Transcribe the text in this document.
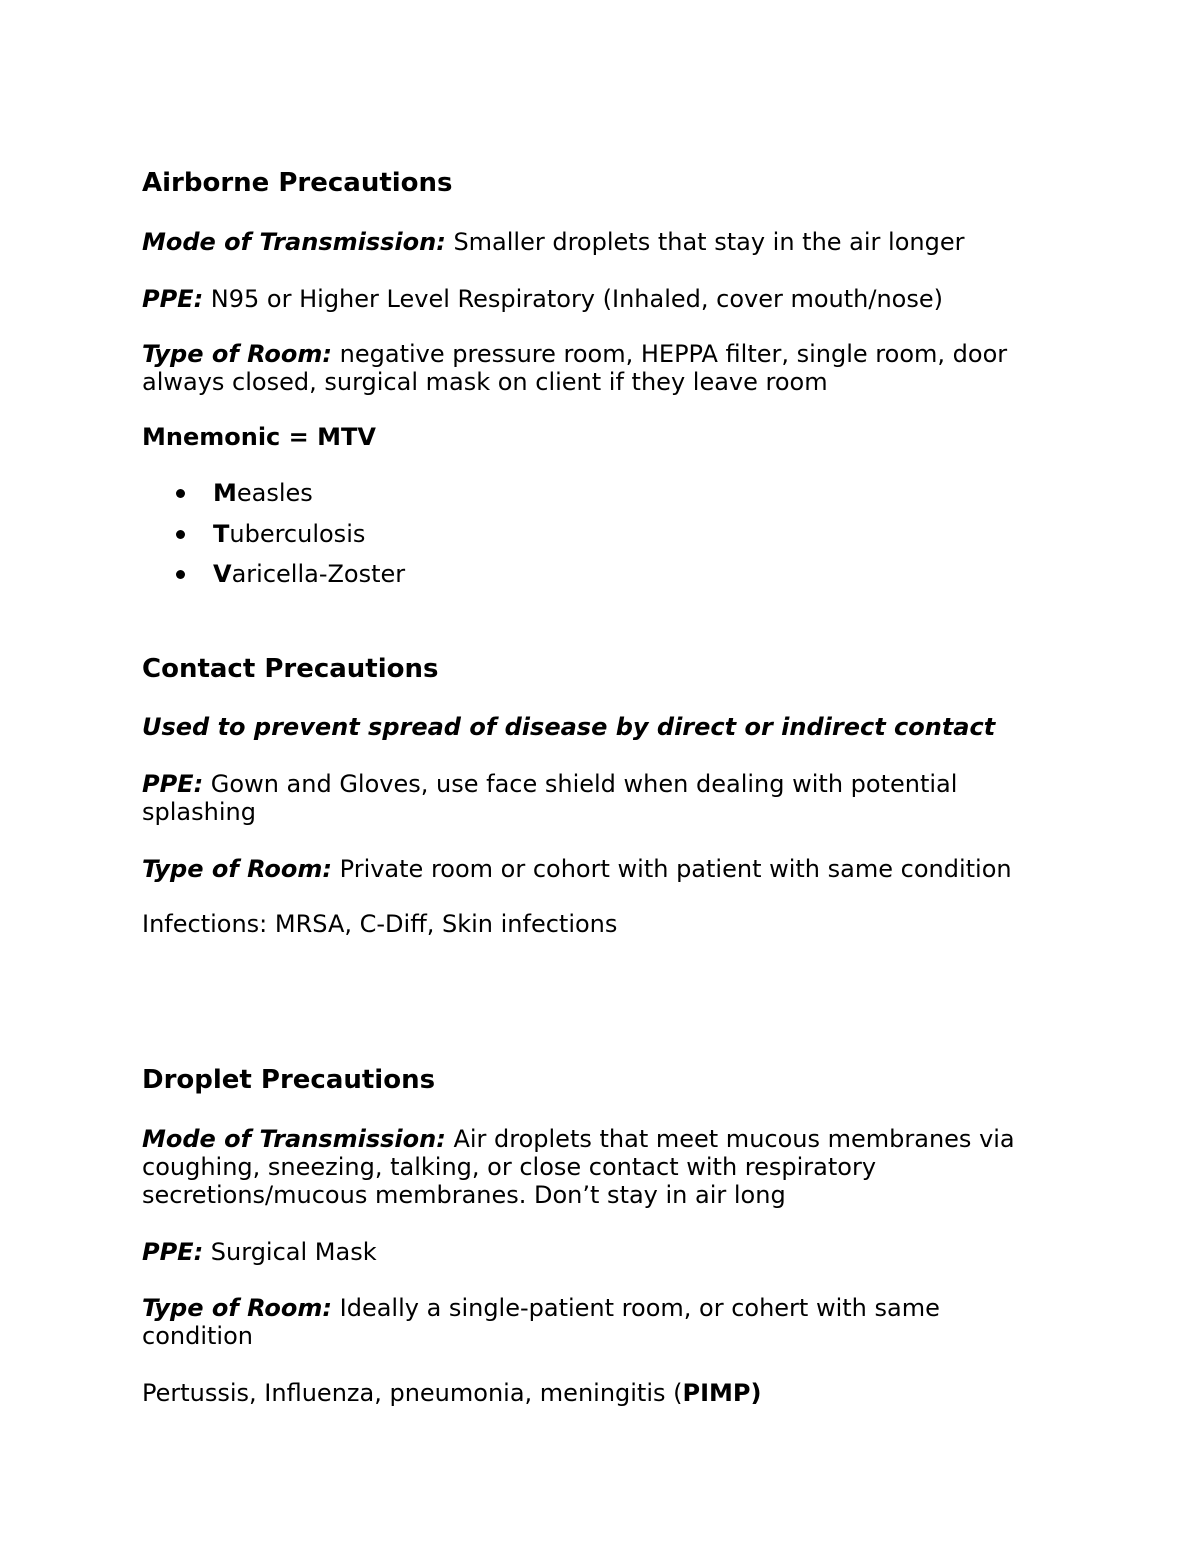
Airborne Precautions

Mode of Transmission: Smaller droplets that stay in the air longer

PPE: N95 or Higher Level Respiratory (Inhaled, cover mouth/nose)

Type of Room: negative pressure room, HEPPA filter, single room, door always closed, surgical mask on client if they leave room

Mnemonic = MTV

Measles
Tuberculosis
Varicella-Zoster

Contact Precautions

Used to prevent spread of disease by direct or indirect contact

PPE: Gown and Gloves, use face shield when dealing with potential splashing

Type of Room: Private room or cohort with patient with same condition

Infections: MRSA, C-Diff, Skin infections

Droplet Precautions

Mode of Transmission: Air droplets that meet mucous membranes via coughing, sneezing, talking, or close contact with respiratory secretions/mucous membranes. Don’t stay in air long

PPE: Surgical Mask

Type of Room: Ideally a single-patient room, or cohert with same condition

Pertussis, Influenza, pneumonia, meningitis (PIMP)
